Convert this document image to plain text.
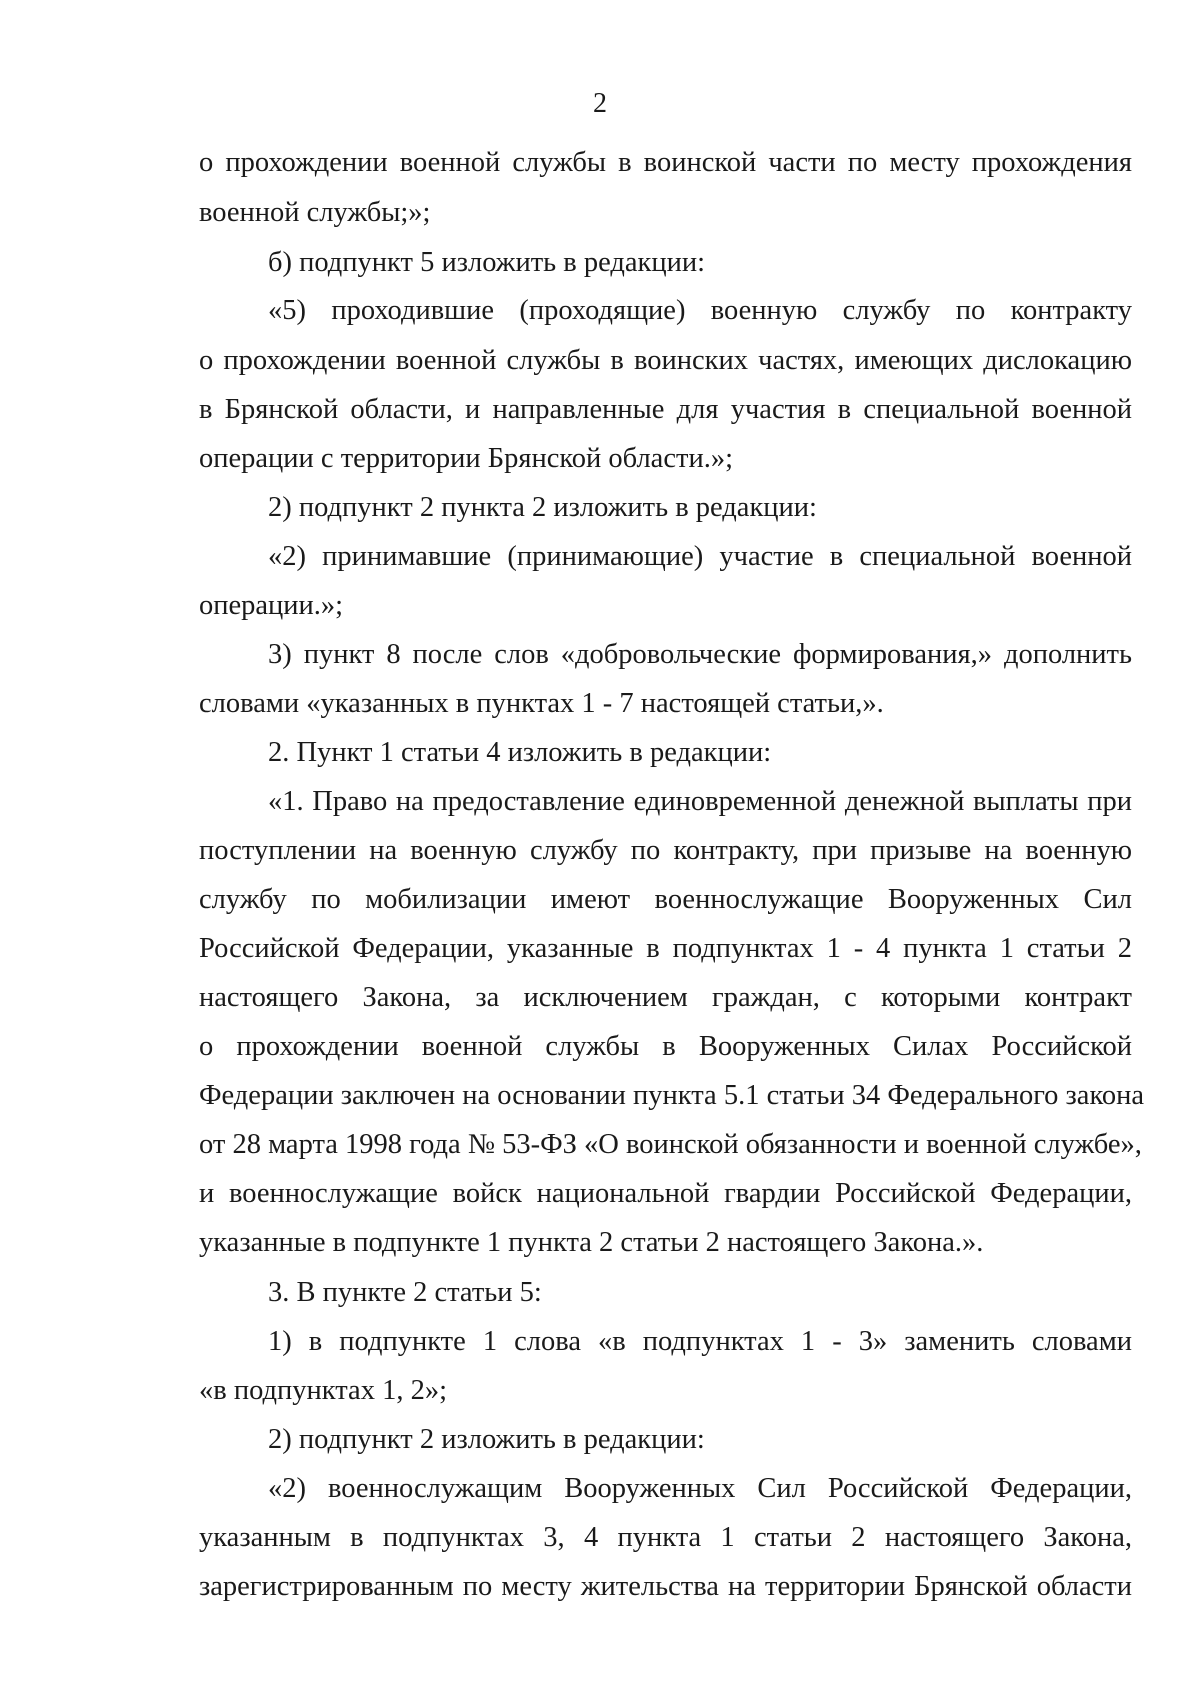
2

о прохождении военной службы в воинской части по месту прохождения

военной службы;»;

б) подпункт 5 изложить в редакции:

«5) проходившие (проходящие) военную службу по контракту

о прохождении военной службы в воинских частях, имеющих дислокацию

в Брянской области, и направленные для участия в специальной военной

операции с территории Брянской области.»;

2) подпункт 2 пункта 2 изложить в редакции:

«2) принимавшие (принимающие) участие в специальной военной

операции.»;

3) пункт 8 после слов «добровольческие формирования,» дополнить

словами «указанных в пунктах 1 - 7 настоящей статьи,».

2. Пункт 1 статьи 4 изложить в редакции:

«1. Право на предоставление единовременной денежной выплаты при

поступлении на военную службу по контракту, при призыве на военную

службу по мобилизации имеют военнослужащие Вооруженных Сил

Российской Федерации, указанные в подпунктах 1 - 4 пункта 1 статьи 2

настоящего Закона, за исключением граждан, с которыми контракт

о прохождении военной службы в Вооруженных Силах Российской

Федерации заключен на основании пункта 5.1 статьи 34 Федерального закона

от 28 марта 1998 года № 53-ФЗ «О воинской обязанности и военной службе»,

и военнослужащие войск национальной гвардии Российской Федерации,

указанные в подпункте 1 пункта 2 статьи 2 настоящего Закона.».

3. В пункте 2 статьи 5:

1) в подпункте 1 слова «в подпунктах 1 - 3» заменить словами

«в подпунктах 1, 2»;

2) подпункт 2 изложить в редакции:

«2) военнослужащим Вооруженных Сил Российской Федерации,

указанным в подпунктах 3, 4 пункта 1 статьи 2 настоящего Закона,

зарегистрированным по месту жительства на территории Брянской области
